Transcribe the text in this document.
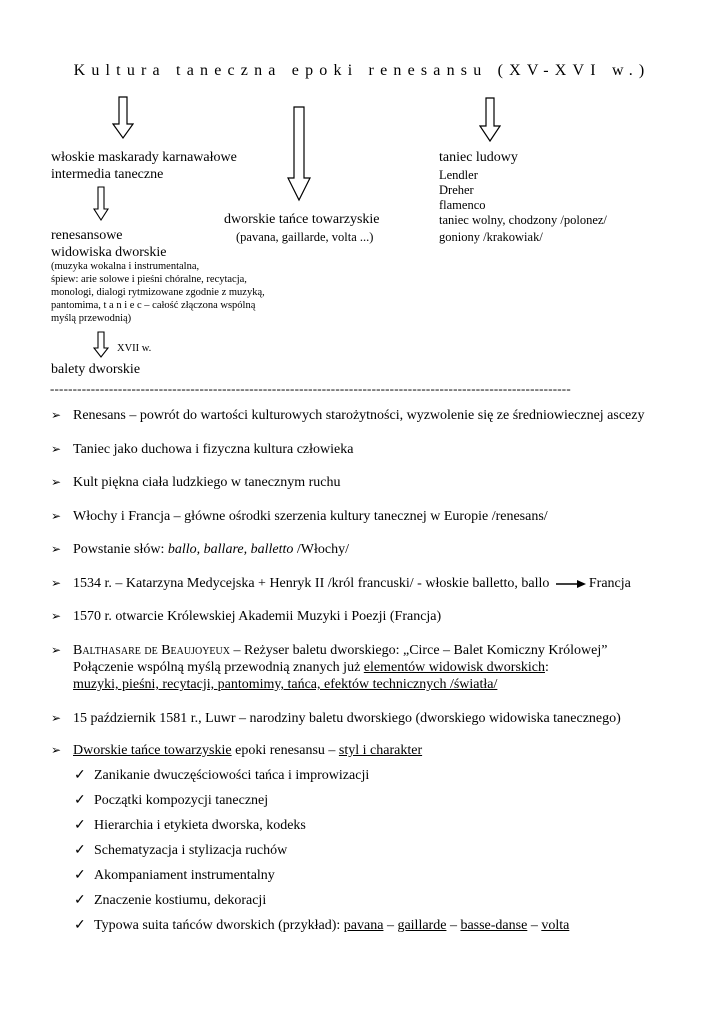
Kultura taneczna epoki renesansu (XV-XVI w.)
włoskie maskarady karnawałowe
intermedia taneczne
renesansowe
widowiska dworskie
(muzyka wokalna i instrumentalna,
śpiew: arie solowe i pieśni chóralne, recytacja,
monologi, dialogi rytmizowane zgodnie z muzyką,
pantomima, t a n i e c – całość złączona wspólną
myślą przewodnią)
XVII w.
balety dworskie
dworskie tańce towarzyskie
(pavana, gaillarde, volta ...)
taniec ludowy
Lendler
Dreher
flamenco
taniec wolny, chodzony /polonez/
goniony /krakowiak/
-------------------------------------------------------------------------------------------------------------------
➢ Renesans – powrót do wartości kulturowych starożytności, wyzwolenie się ze średniowiecznej ascezy
➢ Taniec jako duchowa i fizyczna kultura człowieka
➢ Kult piękna ciała ludzkiego w tanecznym ruchu
➢ Włochy i Francja – główne ośrodki szerzenia kultury tanecznej w Europie /renesans/
➢ Powstanie słów: ballo, ballare, balletto /Włochy/
➢ 1534 r. – Katarzyna Medycejska + Henryk II /król francuski/ - włoskie balletto, ballo	Francja
➢ 1570 r. otwarcie Królewskiej Akademii Muzyki i Poezji (Francja)
➢ Balthasare de Beaujoyeux – Reżyser baletu dworskiego: „Circe – Balet Komiczny Królowej”
Połączenie wspólną myślą przewodnią znanych już elementów widowisk dworskich:
muzyki, pieśni, recytacji, pantomimy, tańca, efektów technicznych /światła/
➢ 15 październik 1581 r., Luwr – narodziny baletu dworskiego (dworskiego widowiska tanecznego)
➢ Dworskie tańce towarzyskie epoki renesansu – styl i charakter
✓ Zanikanie dwuczęściowości tańca i improwizacji
✓ Początki kompozycji tanecznej
✓ Hierarchia i etykieta dworska, kodeks
✓ Schematyzacja i stylizacja ruchów
✓ Akompaniament instrumentalny
✓ Znaczenie kostiumu, dekoracji
✓ Typowa suita tańców dworskich (przykład): pavana – gaillarde – basse-danse – volta
